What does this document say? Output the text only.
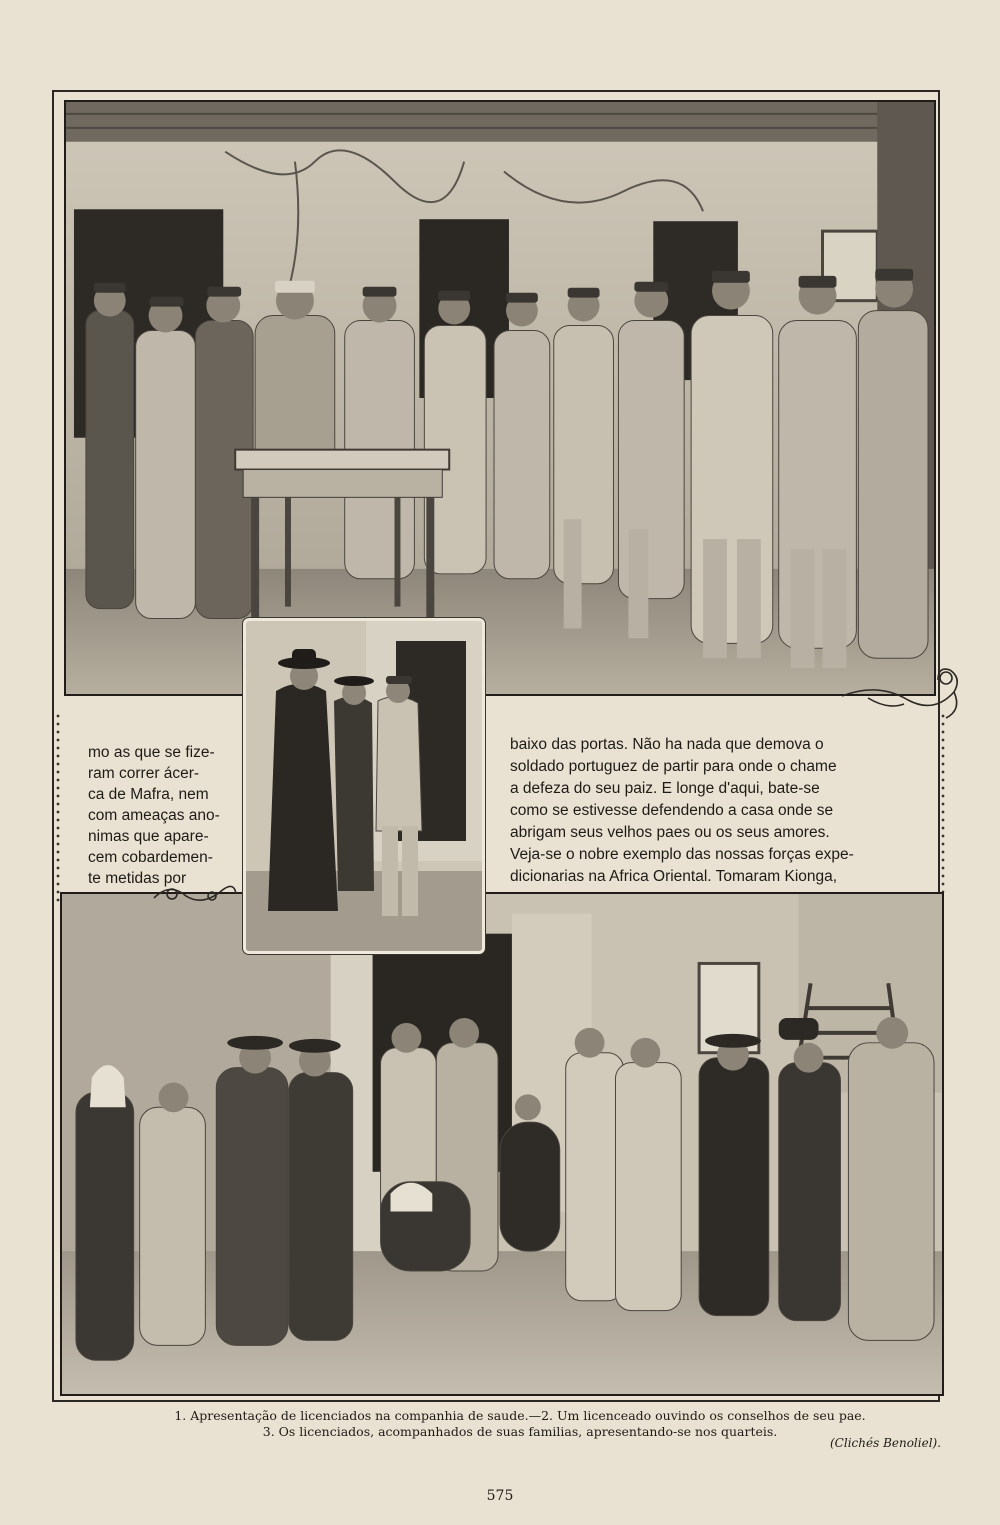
mo as que se fize-

ram correr ácer-

ca de Mafra, nem

com ameaças ano-

nimas que apare-

cem cobardemen-

te metidas por

baixo das portas. Não ha nada que demova o

soldado portuguez de partir para onde o chame

a defeza do seu paiz. E longe d'aqui, bate-se

como se estivesse defendendo a casa onde se

abrigam seus velhos paes ou os seus amores.

Veja-se o nobre exemplo das nossas forças expe-

dicionarias na Africa Oriental. Tomaram Kionga,

1. Apresentação de licenciados na companhia de saude.—2. Um licenceado ouvindo os conselhos de seu pae.

3. Os licenciados, acompanhados de suas familias, apresentando-se nos quarteis.

(Clichés Benoliel).
575
